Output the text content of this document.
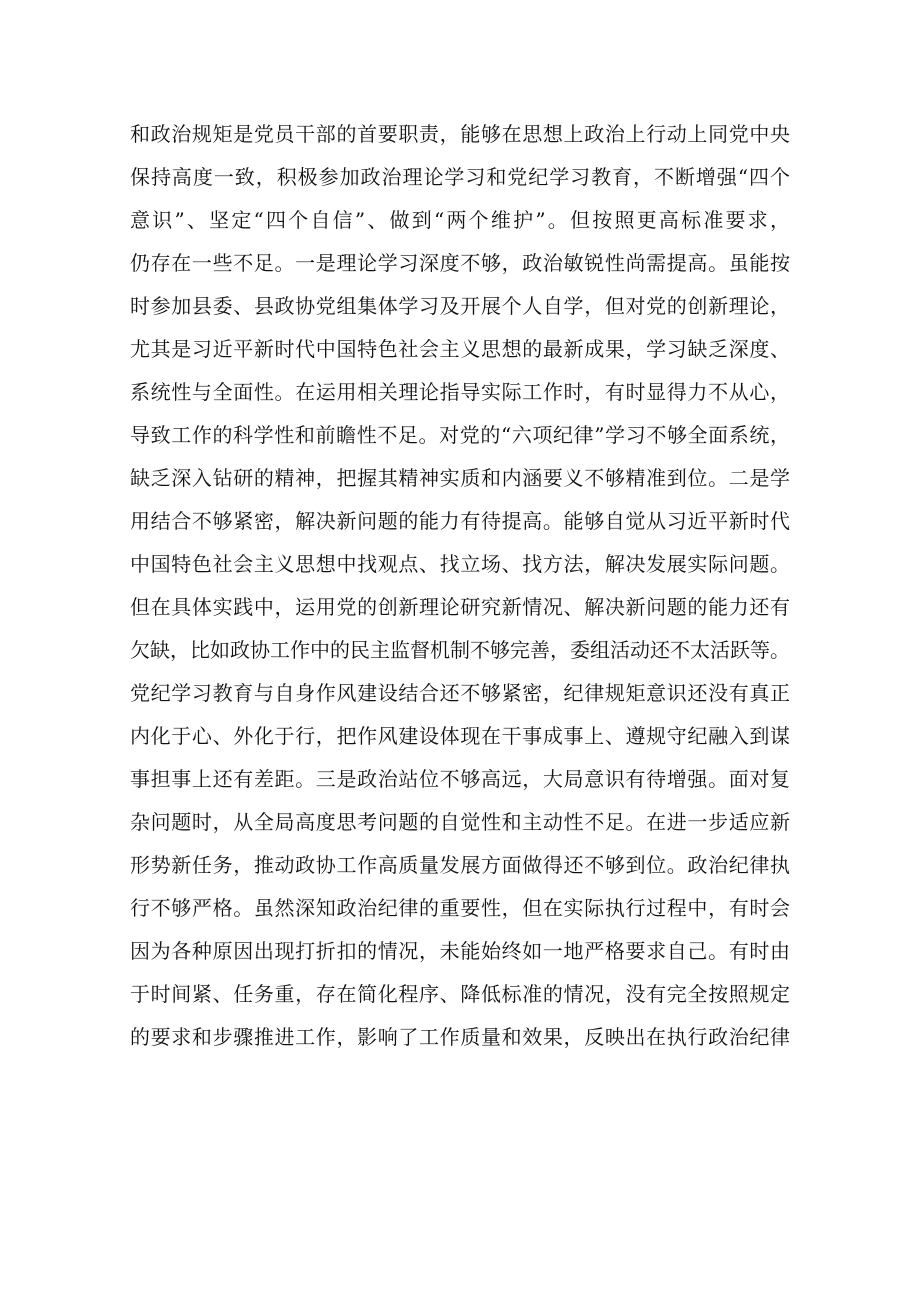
和政治规矩是党员干部的首要职责，能够在思想上政治上行动上同党中央
保持高度一致，积极参加政治理论学习和党纪学习教育，不断增强“四个
意识”、坚定“四个自信”、做到“两个维护”。但按照更高标准要求，
仍存在一些不足。一是理论学习深度不够，政治敏锐性尚需提高。虽能按
时参加县委、县政协党组集体学习及开展个人自学，但对党的创新理论，
尤其是习近平新时代中国特色社会主义思想的最新成果，学习缺乏深度、
系统性与全面性。在运用相关理论指导实际工作时，有时显得力不从心，
导致工作的科学性和前瞻性不足。对党的“六项纪律”学习不够全面系统，
缺乏深入钻研的精神，把握其精神实质和内涵要义不够精准到位。二是学
用结合不够紧密，解决新问题的能力有待提高。能够自觉从习近平新时代
中国特色社会主义思想中找观点、找立场、找方法，解决发展实际问题。
但在具体实践中，运用党的创新理论研究新情况、解决新问题的能力还有
欠缺，比如政协工作中的民主监督机制不够完善，委组活动还不太活跃等。
党纪学习教育与自身作风建设结合还不够紧密，纪律规矩意识还没有真正
内化于心、外化于行，把作风建设体现在干事成事上、遵规守纪融入到谋
事担事上还有差距。三是政治站位不够高远，大局意识有待增强。面对复
杂问题时，从全局高度思考问题的自觉性和主动性不足。在进一步适应新
形势新任务，推动政协工作高质量发展方面做得还不够到位。政治纪律执
行不够严格。虽然深知政治纪律的重要性，但在实际执行过程中，有时会
因为各种原因出现打折扣的情况，未能始终如一地严格要求自己。有时由
于时间紧、任务重，存在简化程序、降低标准的情况，没有完全按照规定
的要求和步骤推进工作，影响了工作质量和效果，反映出在执行政治纪律
